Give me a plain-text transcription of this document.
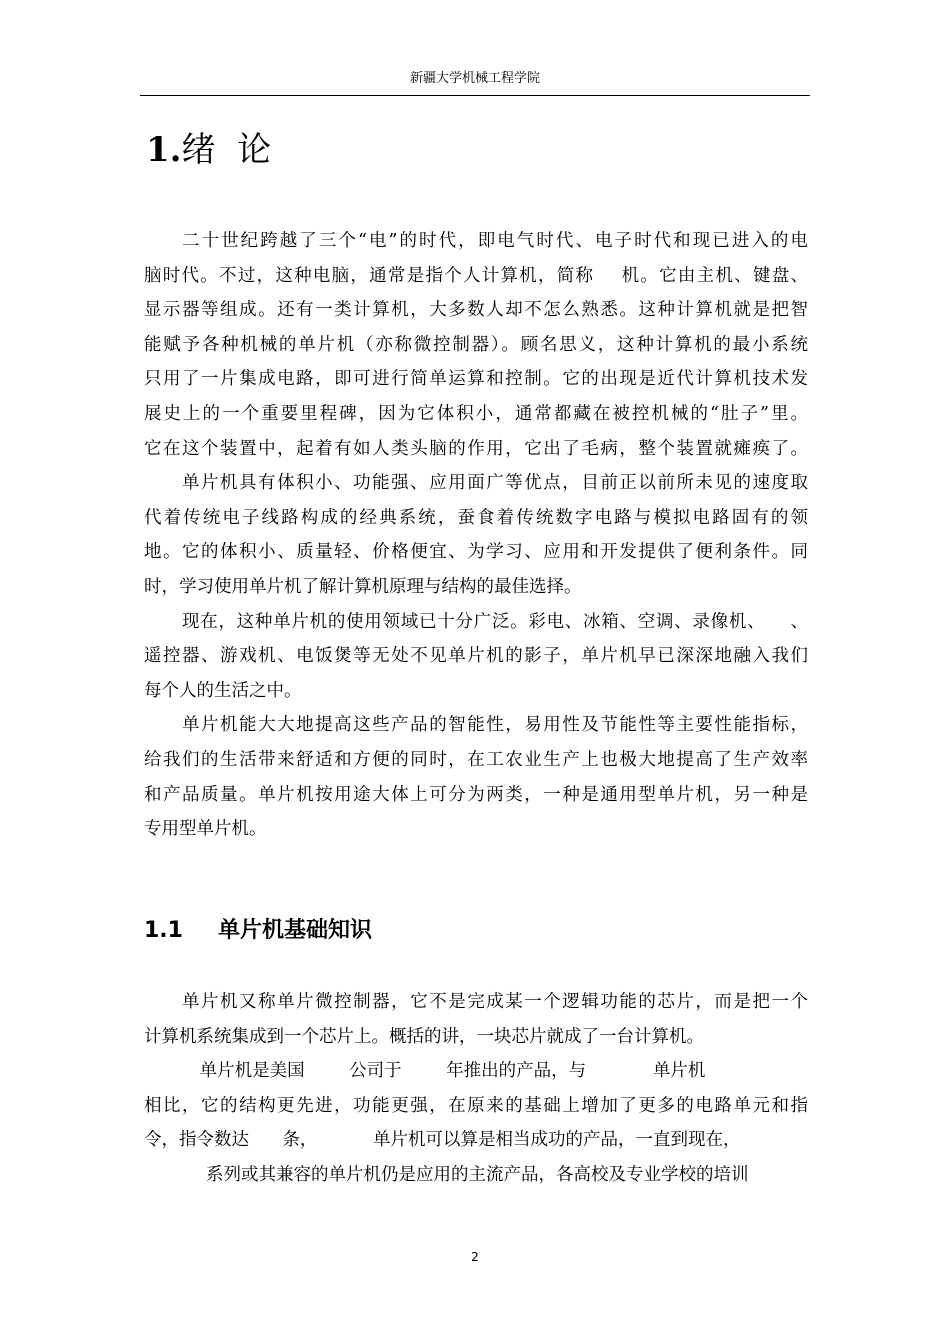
新疆大学机械工程学院
1.绪  论
二十世纪跨越了三个“电”的时代，即电气时代、电子时代和现已进入的电
脑时代。不过，这种电脑，通常是指个人计算机，简称    机。它由主机、键盘、
显示器等组成。还有一类计算机，大多数人却不怎么熟悉。这种计算机就是把智
能赋予各种机械的单片机（亦称微控制器）。顾名思义，这种计算机的最小系统
只用了一片集成电路，即可进行简单运算和控制。它的出现是近代计算机技术发
展史上的一个重要里程碑，因为它体积小，通常都藏在被控机械的“肚子”里。
它在这个装置中，起着有如人类头脑的作用，它出了毛病，整个装置就瘫痪了。
单片机具有体积小、功能强、应用面广等优点，目前正以前所未见的速度取
代着传统电子线路构成的经典系统，蚕食着传统数字电路与模拟电路固有的领
地。它的体积小、质量轻、价格便宜、为学习、应用和开发提供了便利条件。同
时，学习使用单片机了解计算机原理与结构的最佳选择。
现在，这种单片机的使用领域已十分广泛。彩电、冰箱、空调、录像机、    、
遥控器、游戏机、电饭煲等无处不见单片机的影子，单片机早已深深地融入我们
每个人的生活之中。
单片机能大大地提高这些产品的智能性，易用性及节能性等主要性能指标，
给我们的生活带来舒适和方便的同时，在工农业生产上也极大地提高了生产效率
和产品质量。单片机按用途大体上可分为两类，一种是通用型单片机，另一种是
专用型单片机。
1.1 单片机基础知识
单片机又称单片微控制器，它不是完成某一个逻辑功能的芯片，而是把一个
计算机系统集成到一个芯片上。概括的讲，一块芯片就成了一台计算机。
单片机是美国        公司于        年推出的产品，与            单片机
相比，它的结构更先进，功能更强，在原来的基础上增加了更多的电路单元和指
令，指令数达      条，          单片机可以算是相当成功的产品，一直到现在，
系列或其兼容的单片机仍是应用的主流产品，各高校及专业学校的培训
2
